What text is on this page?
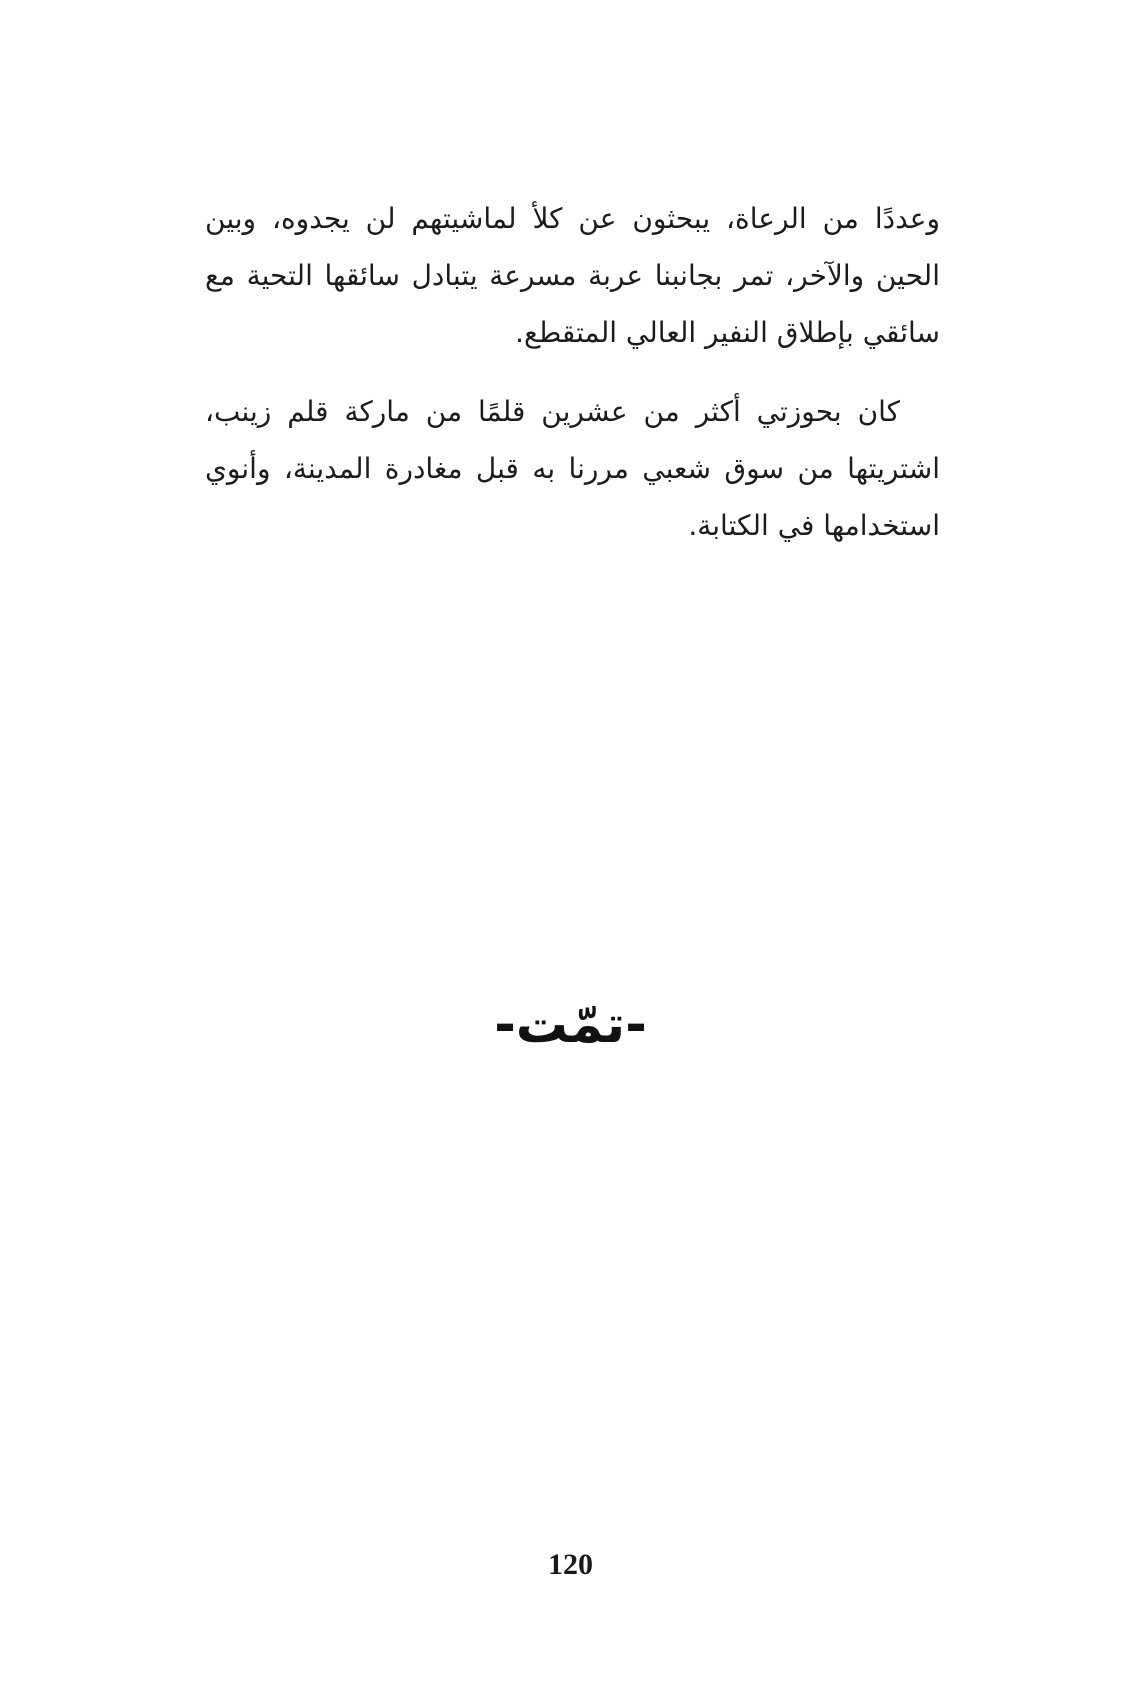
وعددًا من الرعاة، يبحثون عن كلأ لماشيتهم لن يجدوه، وبين الحين والآخر، تمر بجانبنا عربة مسرعة يتبادل سائقها التحية مع سائقي بإطلاق النفير العالي المتقطع.

كان بحوزتي أكثر من عشرين قلمًا من ماركة قلم زينب، اشتريتها من سوق شعبي مررنا به قبل مغادرة المدينة، وأنوي استخدامها في الكتابة.

-تمّت-
120
